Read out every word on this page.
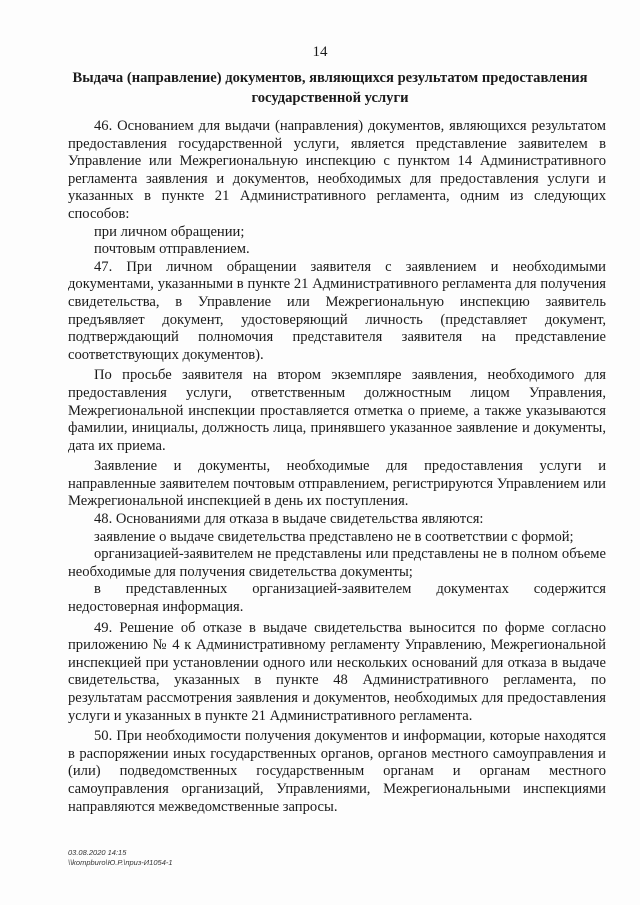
14
Выдача (направление) документов, являющихся результатом предоставления государственной услуги

46. Основанием для выдачи (направления) документов, являющихся результатом предоставления государственной услуги, является представление заявителем в Управление или Межрегиональную инспекцию с пунктом 14 Административного регламента заявления и документов, необходимых для предоставления услуги и указанных в пункте 21 Административного регламента, одним из следующих способов:

при личном обращении;

почтовым отправлением.

47. При личном обращении заявителя с заявлением и необходимыми документами, указанными в пункте 21 Административного регламента для получения свидетельства, в Управление или Межрегиональную инспекцию заявитель предъявляет документ, удостоверяющий личность (представляет документ, подтверждающий полномочия представителя заявителя на представление соответствующих документов).

По просьбе заявителя на втором экземпляре заявления, необходимого для предоставления услуги, ответственным должностным лицом Управления, Межрегиональной инспекции проставляется отметка о приеме, а также указываются фамилии, инициалы, должность лица, принявшего указанное заявление и документы, дата их приема.

Заявление и документы, необходимые для предоставления услуги и направленные заявителем почтовым отправлением, регистрируются Управлением или Межрегиональной инспекцией в день их поступления.

48. Основаниями для отказа в выдаче свидетельства являются:

заявление о выдаче свидетельства представлено не в соответствии с формой;

организацией-заявителем не представлены или представлены не в полном объеме необходимые для получения свидетельства документы;

в представленных организацией-заявителем документах содержится недостоверная информация.

49. Решение об отказе в выдаче свидетельства выносится по форме согласно приложению № 4 к Административному регламенту Управлению, Межрегиональной инспекцией при установлении одного или нескольких оснований для отказа в выдаче свидетельства, указанных в пункте 48 Административного регламента, по результатам рассмотрения заявления и документов, необходимых для предоставления услуги и указанных в пункте 21 Административного регламента.

50. При необходимости получения документов и информации, которые находятся в распоряжении иных государственных органов, органов местного самоуправления и (или) подведомственных государственным органам и органам местного самоуправления организаций, Управлениями, Межрегиональными инспекциями направляются межведомственные запросы.

03.08.2020 14:15
\\kompburo\Ю.Р.\приз-И1054-1
